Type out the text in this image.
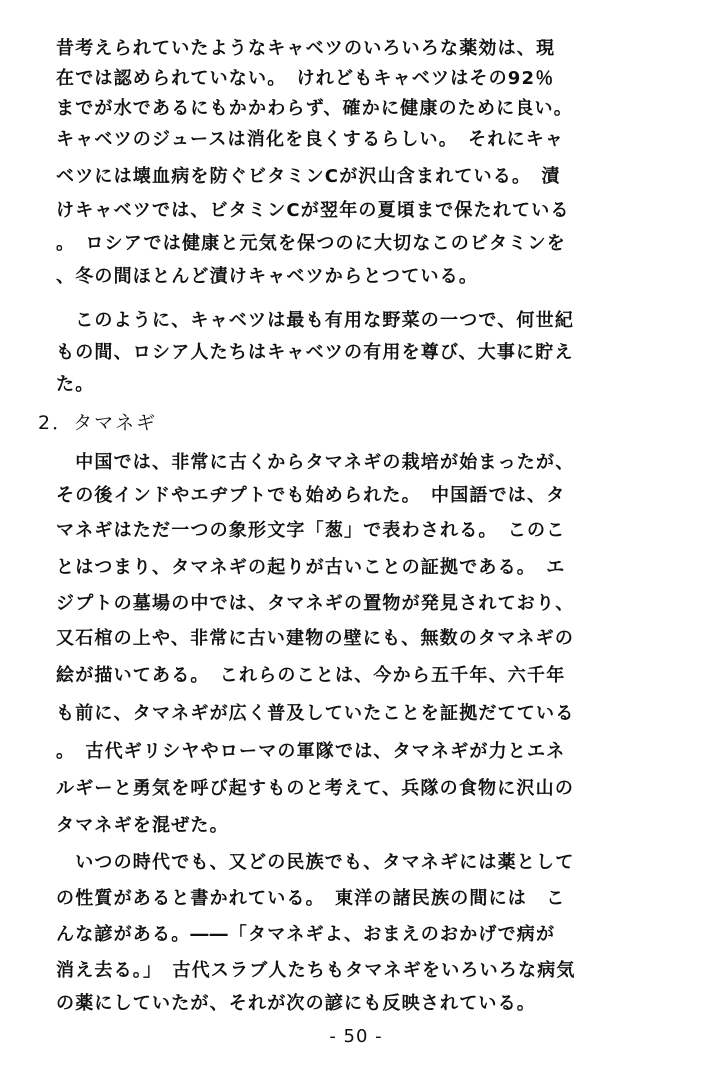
昔考えられていたようなキャベツのいろいろな薬効は、現
在では認められていない。　けれどもキャベツはその92％
までが水であるにもかかわらず、確かに健康のために良い。
キャベツのジュースは消化を良くするらしい。　それにキャ
ベツには壊血病を防ぐビタミンCが沢山含まれている。　漬
けキャベツでは、ビタミンCが翌年の夏頃まで保たれている
。　ロシアでは健康と元気を保つのに大切なこのビタミンを
、冬の間ほとんど漬けキャベツからとつている。
　このように、キャベツは最も有用な野菜の一つで、何世紀
もの間、ロシア人たちはキャベツの有用を尊び、大事に貯え
た。
2．タマネギ
　中国では、非常に古くからタマネギの栽培が始まったが、
その後インドやエヂプトでも始められた。　中国語では、タ
マネギはただ一つの象形文字「葱」で表わされる。　このこ
とはつまり、タマネギの起りが古いことの証拠である。　エ
ジプトの墓場の中では、タマネギの置物が発見されており、
又石棺の上や、非常に古い建物の壁にも、無数のタマネギの
絵が描いてある。　これらのことは、今から五千年、六千年
も前に、タマネギが広く普及していたことを証拠だてている
。　古代ギリシヤやローマの軍隊では、タマネギが力とエネ
ルギーと勇気を呼び起すものと考えて、兵隊の食物に沢山の
タマネギを混ぜた。
　いつの時代でも、又どの民族でも、タマネギには薬として
の性質があると書かれている。　東洋の諸民族の間には　こ
んな諺がある。――「タマネギよ、おまえのおかげで病が
消え去る。」　古代スラブ人たちもタマネギをいろいろな病気
の薬にしていたが、それが次の諺にも反映されている。
- 50 -
